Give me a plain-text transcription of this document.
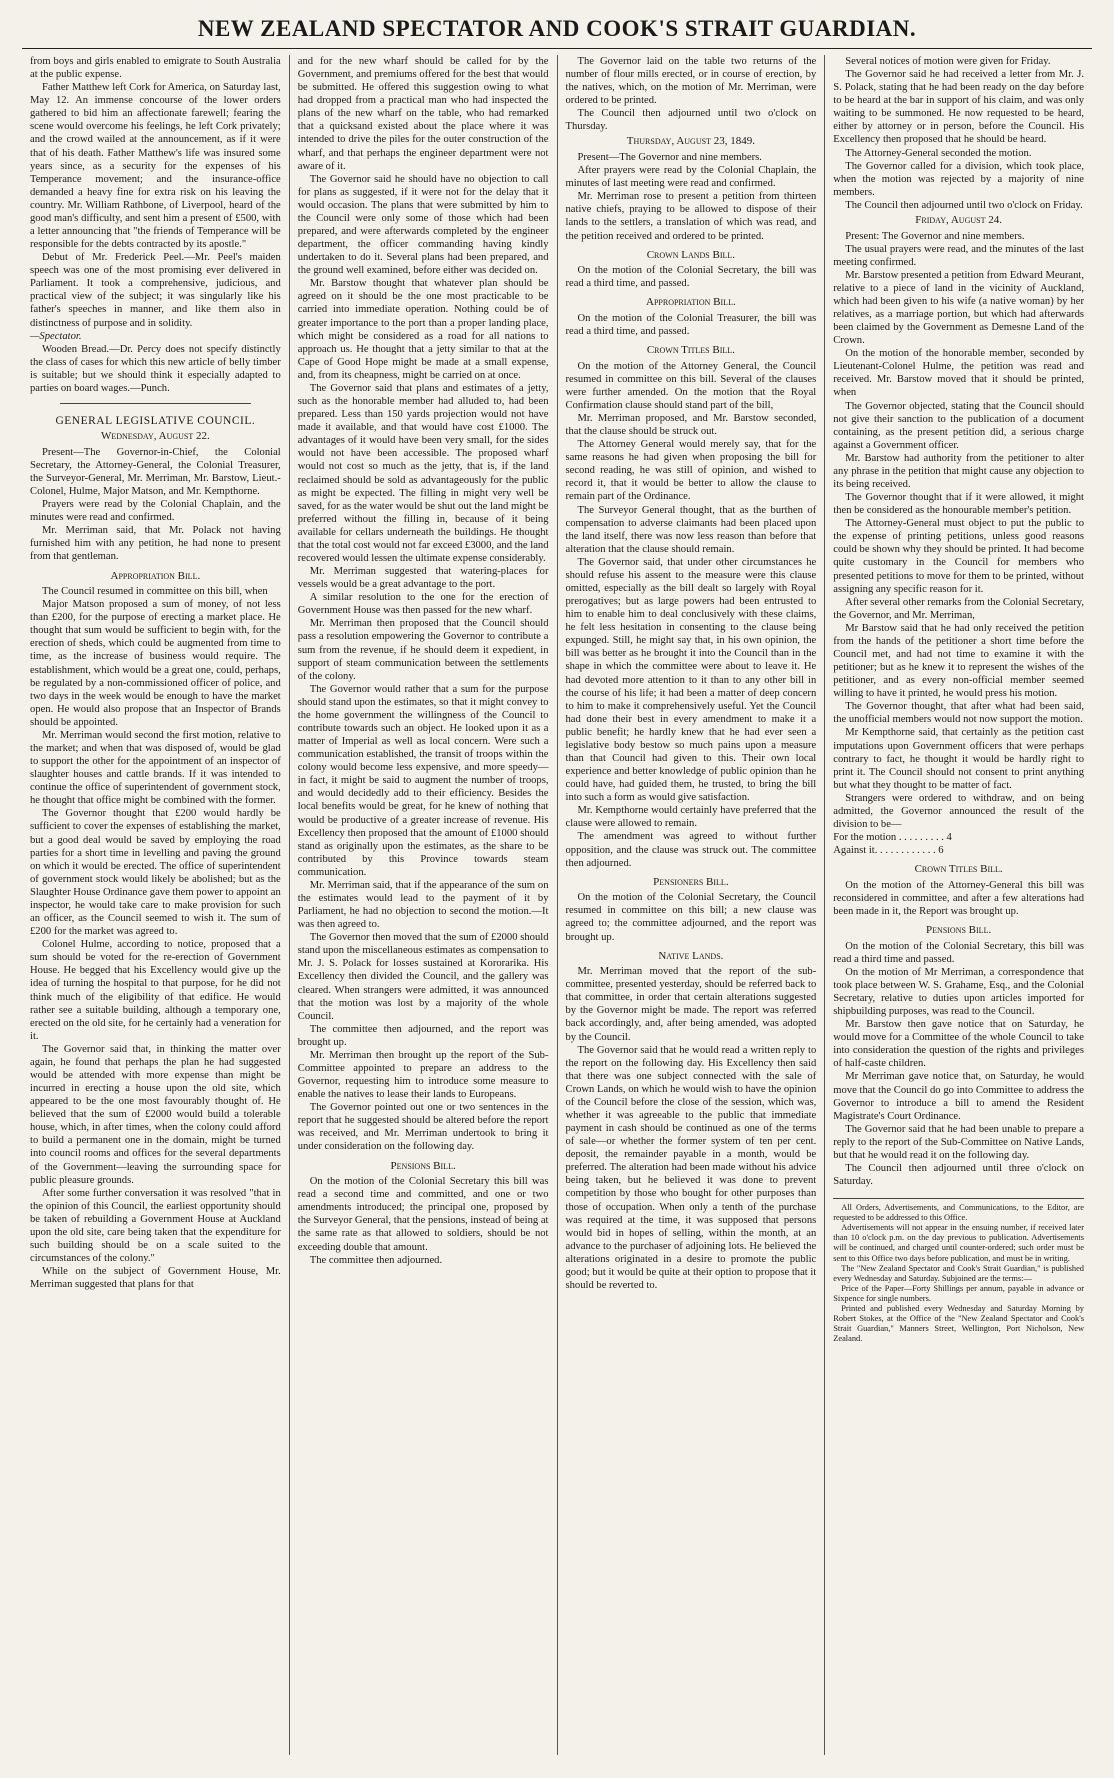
NEW ZEALAND SPECTATOR AND COOK'S STRAIT GUARDIAN.

from boys and girls enabled to emigrate to South Australia at the public expense.

Father Matthew left Cork for America, on Saturday last, May 12. An immense concourse of the lower orders gathered to bid him an affectionate farewell; fearing the scene would overcome his feelings, he left Cork privately; and the crowd wailed at the announcement, as if it were that of his death. Father Matthew's life was insured some years since, as a security for the expenses of his Temperance movement; and the insurance-office demanded a heavy fine for extra risk on his leaving the country. Mr. William Rathbone, of Liverpool, heard of the good man's difficulty, and sent him a present of £500, with a letter announcing that "the friends of Temperance will be responsible for the debts contracted by its apostle."

Debut of Mr. Frederick Peel.—Mr. Peel's maiden speech was one of the most promising ever delivered in Parliament. It took a comprehensive, judicious, and practical view of the subject; it was singularly like his father's speeches in manner, and like them also in distinctness of purpose and in solidity.

—Spectator.

Wooden Bread.—Dr. Percy does not specify distinctly the class of cases for which this new article of belly timber is suitable; but we should think it especially adapted to parties on board wages.—Punch.

GENERAL LEGISLATIVE COUNCIL.
Wednesday, August 22.

Present—The Governor-in-Chief, the Colonial Secretary, the Attorney-General, the Colonial Treasurer, the Surveyor-General, Mr. Merriman, Mr. Barstow, Lieut.-Colonel, Hulme, Major Matson, and Mr. Kempthorne.

Prayers were read by the Colonial Chaplain, and the minutes were read and confirmed.

Mr. Merriman said, that Mr. Polack not having furnished him with any petition, he had none to present from that gentleman.

Appropriation Bill.

The Council resumed in committee on this bill, when

Major Matson proposed a sum of money, of not less than £200, for the purpose of erecting a market place. He thought that sum would be sufficient to begin with, for the erection of sheds, which could be augmented from time to time, as the increase of business would require. The establishment, which would be a great one, could, perhaps, be regulated by a non-commissioned officer of police, and two days in the week would be enough to have the market open. He would also propose that an Inspector of Brands should be appointed.

Mr. Merriman would second the first motion, relative to the market; and when that was disposed of, would be glad to support the other for the appointment of an inspector of slaughter houses and cattle brands. If it was intended to continue the office of superintendent of government stock, he thought that office might be combined with the former.

The Governor thought that £200 would hardly be sufficient to cover the expenses of establishing the market, but a good deal would be saved by employing the road parties for a short time in levelling and paving the ground on which it would be erected. The office of superintendent of government stock would likely be abolished; but as the Slaughter House Ordinance gave them power to appoint an inspector, he would take care to make provision for such an officer, as the Council seemed to wish it. The sum of £200 for the market was agreed to.

Colonel Hulme, according to notice, proposed that a sum should be voted for the re-erection of Government House. He begged that his Excellency would give up the idea of turning the hospital to that purpose, for he did not think much of the eligibility of that edifice. He would rather see a suitable building, although a temporary one, erected on the old site, for he certainly had a veneration for it.

The Governor said that, in thinking the matter over again, he found that perhaps the plan he had suggested would be attended with more expense than might be incurred in erecting a house upon the old site, which appeared to be the one most favourably thought of. He believed that the sum of £2000 would build a tolerable house, which, in after times, when the colony could afford to build a permanent one in the domain, might be turned into council rooms and offices for the several departments of the Government—leaving the surrounding space for public pleasure grounds.

After some further conversation it was resolved "that in the opinion of this Council, the earliest opportunity should be taken of rebuilding a Government House at Auckland upon the old site, care being taken that the expenditure for such building should be on a scale suited to the circumstances of the colony."

While on the subject of Government House, Mr. Merriman suggested that plans for that

and for the new wharf should be called for by the Government, and premiums offered for the best that would be submitted. He offered this suggestion owing to what had dropped from a practical man who had inspected the plans of the new wharf on the table, who had remarked that a quicksand existed about the place where it was intended to drive the piles for the outer construction of the wharf, and that perhaps the engineer department were not aware of it.

The Governor said he should have no objection to call for plans as suggested, if it were not for the delay that it would occasion. The plans that were submitted by him to the Council were only some of those which had been prepared, and were afterwards completed by the engineer department, the officer commanding having kindly undertaken to do it. Several plans had been prepared, and the ground well examined, before either was decided on.

Mr. Barstow thought that whatever plan should be agreed on it should be the one most practicable to be carried into immediate operation. Nothing could be of greater importance to the port than a proper landing place, which might be considered as a road for all nations to approach us. He thought that a jetty similar to that at the Cape of Good Hope might be made at a small expense, and, from its cheapness, might be carried on at once.

The Governor said that plans and estimates of a jetty, such as the honorable member had alluded to, had been prepared. Less than 150 yards projection would not have made it available, and that would have cost £1000. The advantages of it would have been very small, for the sides would not have been accessible. The proposed wharf would not cost so much as the jetty, that is, if the land reclaimed should be sold as advantageously for the public as might be expected. The filling in might very well be saved, for as the water would be shut out the land might be preferred without the filling in, because of it being available for cellars underneath the buildings. He thought that the total cost would not far exceed £3000, and the land recovered would lessen the ultimate expense considerably.

Mr. Merriman suggested that watering-places for vessels would be a great advantage to the port.

A similar resolution to the one for the erection of Government House was then passed for the new wharf.

Mr. Merriman then proposed that the Council should pass a resolution empowering the Governor to contribute a sum from the revenue, if he should deem it expedient, in support of steam communication between the settlements of the colony.

The Governor would rather that a sum for the purpose should stand upon the estimates, so that it might convey to the home government the willingness of the Council to contribute towards such an object. He looked upon it as a matter of Imperial as well as local concern. Were such a communication established, the transit of troops within the colony would become less expensive, and more speedy—in fact, it might be said to augment the number of troops, and would decidedly add to their efficiency. Besides the local benefits would be great, for he knew of nothing that would be productive of a greater increase of revenue. His Excellency then proposed that the amount of £1000 should stand as originally upon the estimates, as the share to be contributed by this Province towards steam communication.

Mr. Merriman said, that if the appearance of the sum on the estimates would lead to the payment of it by Parliament, he had no objection to second the motion.—It was then agreed to.

The Governor then moved that the sum of £2000 should stand upon the miscellaneous estimates as compensation to Mr. J. S. Polack for losses sustained at Kororarika. His Excellency then divided the Council, and the gallery was cleared. When strangers were admitted, it was announced that the motion was lost by a majority of the whole Council.

The committee then adjourned, and the report was brought up.

Mr. Merriman then brought up the report of the Sub-Committee appointed to prepare an address to the Governor, requesting him to introduce some measure to enable the natives to lease their lands to Europeans.

The Governor pointed out one or two sentences in the report that he suggested should be altered before the report was received, and Mr. Merriman undertook to bring it under consideration on the following day.

Pensions Bill.

On the motion of the Colonial Secretary this bill was read a second time and committed, and one or two amendments introduced; the principal one, proposed by the Surveyor General, that the pensions, instead of being at the same rate as that allowed to soldiers, should be not exceeding double that amount.

The committee then adjourned.

The Governor laid on the table two returns of the number of flour mills erected, or in course of erection, by the natives, which, on the motion of Mr. Merriman, were ordered to be printed.

The Council then adjourned until two o'clock on Thursday.

Thursday, August 23, 1849.

Present—The Governor and nine members.

After prayers were read by the Colonial Chaplain, the minutes of last meeting were read and confirmed.

Mr. Merriman rose to present a petition from thirteen native chiefs, praying to be allowed to dispose of their lands to the settlers, a translation of which was read, and the petition received and ordered to be printed.

Crown Lands Bill.

On the motion of the Colonial Secretary, the bill was read a third time, and passed.

Appropriation Bill.

On the motion of the Colonial Treasurer, the bill was read a third time, and passed.

Crown Titles Bill.

On the motion of the Attorney General, the Council resumed in committee on this bill. Several of the clauses were further amended. On the motion that the Royal Confirmation clause should stand part of the bill,

Mr. Merriman proposed, and Mr. Barstow seconded, that the clause should be struck out.

The Attorney General would merely say, that for the same reasons he had given when proposing the bill for second reading, he was still of opinion, and wished to record it, that it would be better to allow the clause to remain part of the Ordinance.

The Surveyor General thought, that as the burthen of compensation to adverse claimants had been placed upon the land itself, there was now less reason than before that alteration that the clause should remain.

The Governor said, that under other circumstances he should refuse his assent to the measure were this clause omitted, especially as the bill dealt so largely with Royal prerogatives; but as large powers had been entrusted to him to enable him to deal conclusively with these claims, he felt less hesitation in consenting to the clause being expunged. Still, he might say that, in his own opinion, the bill was better as he brought it into the Council than in the shape in which the committee were about to leave it. He had devoted more attention to it than to any other bill in the course of his life; it had been a matter of deep concern to him to make it comprehensively useful. Yet the Council had done their best in every amendment to make it a public benefit; he hardly knew that he had ever seen a legislative body bestow so much pains upon a measure than that Council had given to this. Their own local experience and better knowledge of public opinion than he could have, had guided them, he trusted, to bring the bill into such a form as would give satisfaction.

Mr. Kempthorne would certainly have preferred that the clause were allowed to remain.

The amendment was agreed to without further opposition, and the clause was struck out. The committee then adjourned.

Pensioners Bill.

On the motion of the Colonial Secretary, the Council resumed in committee on this bill; a new clause was agreed to; the committee adjourned, and the report was brought up.

Native Lands.

Mr. Merriman moved that the report of the sub-committee, presented yesterday, should be referred back to that committee, in order that certain alterations suggested by the Governor might be made. The report was referred back accordingly, and, after being amended, was adopted by the Council.

The Governor said that he would read a written reply to the report on the following day. His Excellency then said that there was one subject connected with the sale of Crown Lands, on which he would wish to have the opinion of the Council before the close of the session, which was, whether it was agreeable to the public that immediate payment in cash should be continued as one of the terms of sale—or whether the former system of ten per cent. deposit, the remainder payable in a month, would be preferred. The alteration had been made without his advice being taken, but he believed it was done to prevent competition by those who bought for other purposes than those of occupation. When only a tenth of the purchase was required at the time, it was supposed that persons would bid in hopes of selling, within the month, at an advance to the purchaser of adjoining lots. He believed the alterations originated in a desire to promote the public good; but it would be quite at their option to propose that it should be reverted to.

Several notices of motion were given for Friday.

The Governor said he had received a letter from Mr. J. S. Polack, stating that he had been ready on the day before to be heard at the bar in support of his claim, and was only waiting to be summoned. He now requested to be heard, either by attorney or in person, before the Council. His Excellency then proposed that he should be heard.

The Attorney-General seconded the motion.

The Governor called for a division, which took place, when the motion was rejected by a majority of nine members.

The Council then adjourned until two o'clock on Friday.

Friday, August 24.

Present: The Governor and nine members.

The usual prayers were read, and the minutes of the last meeting confirmed.

Mr. Barstow presented a petition from Edward Meurant, relative to a piece of land in the vicinity of Auckland, which had been given to his wife (a native woman) by her relatives, as a marriage portion, but which had afterwards been claimed by the Government as Demesne Land of the Crown.

On the motion of the honorable member, seconded by Lieutenant-Colonel Hulme, the petition was read and received. Mr. Barstow moved that it should be printed, when

The Governor objected, stating that the Council should not give their sanction to the publication of a document containing, as the present petition did, a serious charge against a Government officer.

Mr. Barstow had authority from the petitioner to alter any phrase in the petition that might cause any objection to its being received.

The Governor thought that if it were allowed, it might then be considered as the honourable member's petition.

The Attorney-General must object to put the public to the expense of printing petitions, unless good reasons could be shown why they should be printed. It had become quite customary in the Council for members who presented petitions to move for them to be printed, without assigning any specific reason for it.

After several other remarks from the Colonial Secretary, the Governor, and Mr. Merriman,

Mr Barstow said that he had only received the petition from the hands of the petitioner a short time before the Council met, and had not time to examine it with the petitioner; but as he knew it to represent the wishes of the petitioner, and as every non-official member seemed willing to have it printed, he would press his motion.

The Governor thought, that after what had been said, the unofficial members would not now support the motion.

Mr Kempthorne said, that certainly as the petition cast imputations upon Government officers that were perhaps contrary to fact, he thought it would be hardly right to print it. The Council should not consent to print anything but what they thought to be matter of fact.

Strangers were ordered to withdraw, and on being admitted, the Governor announced the result of the division to be—

For the motion . . . . . . . . . 4

Against it. . . . . . . . . . . . 6

Crown Titles Bill.

On the motion of the Attorney-General this bill was reconsidered in committee, and after a few alterations had been made in it, the Report was brought up.

Pensions Bill.

On the motion of the Colonial Secretary, this bill was read a third time and passed.

On the motion of Mr Merriman, a correspondence that took place between W. S. Grahame, Esq., and the Colonial Secretary, relative to duties upon articles imported for shipbuilding purposes, was read to the Council.

Mr. Barstow then gave notice that on Saturday, he would move for a Committee of the whole Council to take into consideration the question of the rights and privileges of half-caste children.

Mr Merriman gave notice that, on Saturday, he would move that the Council do go into Committee to address the Governor to introduce a bill to amend the Resident Magistrate's Court Ordinance.

The Governor said that he had been unable to prepare a reply to the report of the Sub-Committee on Native Lands, but that he would read it on the following day.

The Council then adjourned until three o'clock on Saturday.

All Orders, Advertisements, and Communications, to the Editor, are requested to be addressed to this Office.

Advertisements will not appear in the ensuing number, if received later than 10 o'clock p.m. on the day previous to publication. Advertisements will be continued, and charged until counter-ordered; such order must be sent to this Office two days before publication, and must be in writing.

The "New Zealand Spectator and Cook's Strait Guardian," is published every Wednesday and Saturday. Subjoined are the terms:—

Price of the Paper—Forty Shillings per annum, payable in advance or Sixpence for single numbers.

Printed and published every Wednesday and Saturday Morning by Robert Stokes, at the Office of the "New Zealand Spectator and Cook's Strait Guardian," Manners Street, Wellington, Port Nicholson, New Zealand.
